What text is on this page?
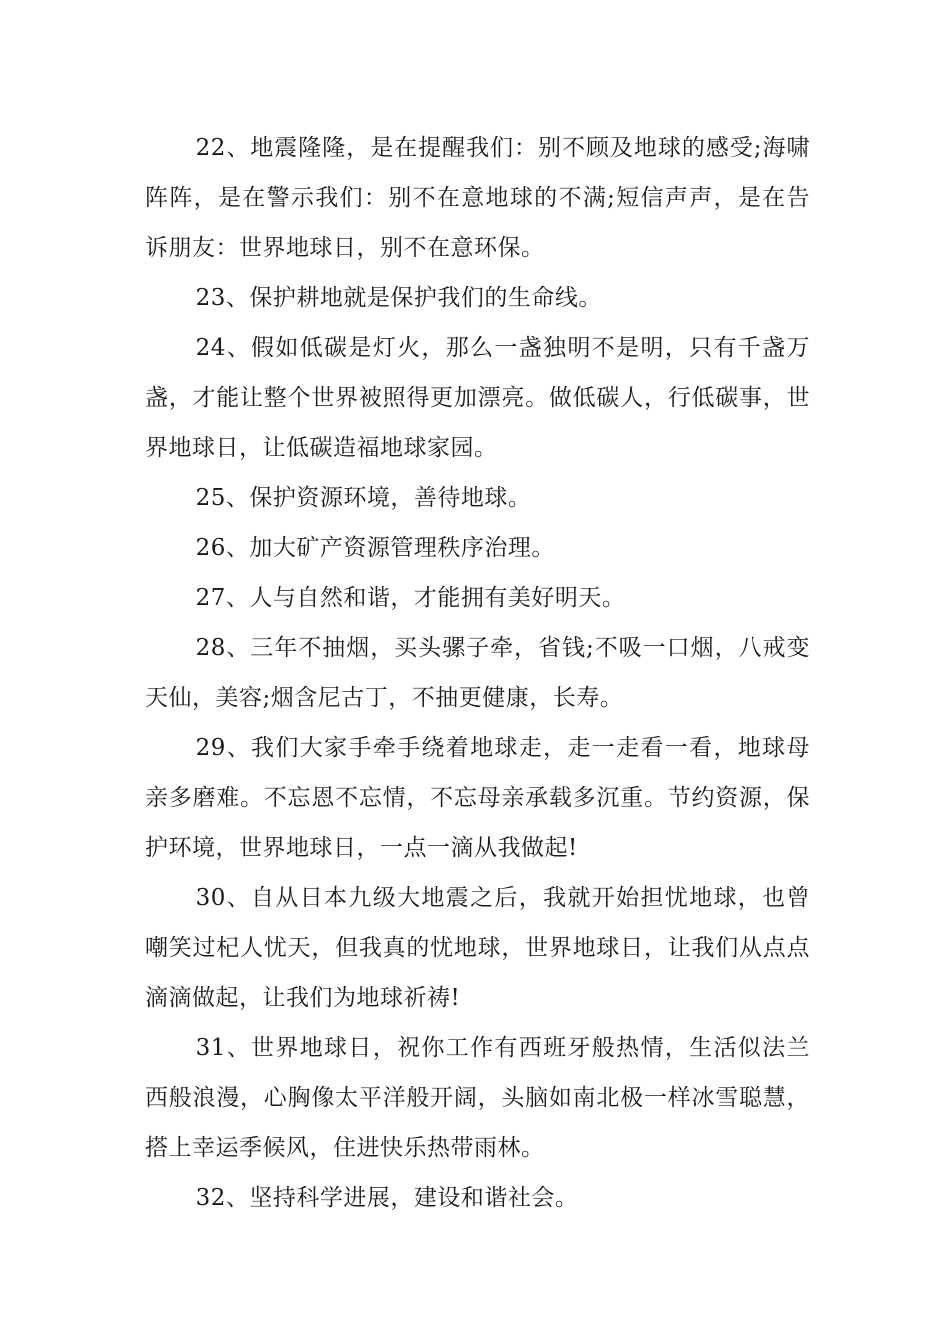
22、地震隆隆，是在提醒我们：别不顾及地球的感受;海啸阵阵，是在警示我们：别不在意地球的不满;短信声声，是在告诉朋友：世界地球日，别不在意环保。

23、保护耕地就是保护我们的生命线。

24、假如低碳是灯火，那么一盏独明不是明，只有千盏万盏，才能让整个世界被照得更加漂亮。做低碳人，行低碳事，世界地球日，让低碳造福地球家园。

25、保护资源环境，善待地球。

26、加大矿产资源管理秩序治理。

27、人与自然和谐，才能拥有美好明天。

28、三年不抽烟，买头骡子牵，省钱;不吸一口烟，八戒变天仙，美容;烟含尼古丁，不抽更健康，长寿。

29、我们大家手牵手绕着地球走，走一走看一看，地球母亲多磨难。不忘恩不忘情，不忘母亲承载多沉重。节约资源，保护环境，世界地球日，一点一滴从我做起!

30、自从日本九级大地震之后，我就开始担忧地球，也曾嘲笑过杞人忧天，但我真的忧地球，世界地球日，让我们从点点滴滴做起，让我们为地球祈祷!

31、世界地球日，祝你工作有西班牙般热情，生活似法兰西般浪漫，心胸像太平洋般开阔，头脑如南北极一样冰雪聪慧，搭上幸运季候风，住进快乐热带雨林。

32、坚持科学进展，建设和谐社会。
